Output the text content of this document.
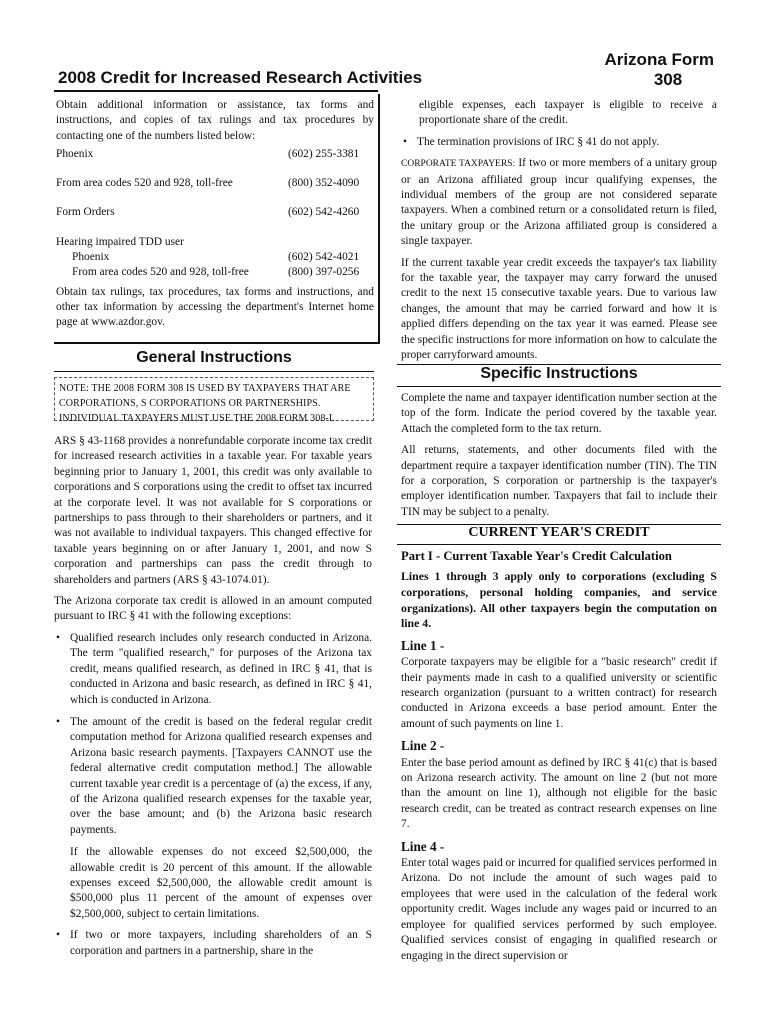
2008 Credit for Increased Research Activities
Arizona Form
308

Obtain additional information or assistance, tax forms and instructions, and copies of tax rulings and tax procedures by contacting one of the numbers listed below:

Phoenix	(602) 255-3381
From area codes 520 and 928, toll-free	(800) 352-4090
Form Orders	(602) 542-4260
Hearing impaired TDD user
Phoenix	(602) 542-4021
From area codes 520 and 928, toll-free	(800) 397-0256

Obtain tax rulings, tax procedures, tax forms and instructions, and other tax information by accessing the department's Internet home page at www.azdor.gov.

General Instructions
NOTE: THE 2008 FORM 308 IS USED BY TAXPAYERS THAT ARE CORPORATIONS, S CORPORATIONS OR PARTNERSHIPS. INDIVIDUAL TAXPAYERS MUST USE THE 2008 FORM 308-I.

ARS § 43-1168 provides a nonrefundable corporate income tax credit for increased research activities in a taxable year. For taxable years beginning prior to January 1, 2001, this credit was only available to corporations and S corporations using the credit to offset tax incurred at the corporate level. It was not available for S corporations or partnerships to pass through to their shareholders or partners, and it was not available to individual taxpayers. This changed effective for taxable years beginning on or after January 1, 2001, and now S corporation and partnerships can pass the credit through to shareholders and partners (ARS § 43-1074.01).

The Arizona corporate tax credit is allowed in an amount computed pursuant to IRC § 41 with the following exceptions:

• Qualified research includes only research conducted in Arizona. The term "qualified research," for purposes of the Arizona tax credit, means qualified research, as defined in IRC § 41, that is conducted in Arizona and basic research, as defined in IRC § 41, which is conducted in Arizona.
• The amount of the credit is based on the federal regular credit computation method for Arizona qualified research expenses and Arizona basic research payments. [Taxpayers CANNOT use the federal alternative credit computation method.] The allowable current taxable year credit is a percentage of (a) the excess, if any, of the Arizona qualified research expenses for the taxable year, over the base amount; and (b) the Arizona basic research payments.

If the allowable expenses do not exceed $2,500,000, the allowable credit is 20 percent of this amount. If the allowable expenses exceed $2,500,000, the allowable credit amount is $500,000 plus 11 percent of the amount of expenses over $2,500,000, subject to certain limitations.

• If two or more taxpayers, including shareholders of an S corporation and partners in a partnership, share in the

eligible expenses, each taxpayer is eligible to receive a proportionate share of the credit.

• The termination provisions of IRC § 41 do not apply.

CORPORATE TAXPAYERS: If two or more members of a unitary group or an Arizona affiliated group incur qualifying expenses, the individual members of the group are not considered separate taxpayers. When a combined return or a consolidated return is filed, the unitary group or the Arizona affiliated group is considered a single taxpayer.

If the current taxable year credit exceeds the taxpayer's tax liability for the taxable year, the taxpayer may carry forward the unused credit to the next 15 consecutive taxable years. Due to various law changes, the amount that may be carried forward and how it is applied differs depending on the tax year it was earned. Please see the specific instructions for more information on how to calculate the proper carryforward amounts.

Specific Instructions

Complete the name and taxpayer identification number section at the top of the form. Indicate the period covered by the taxable year. Attach the completed form to the tax return.

All returns, statements, and other documents filed with the department require a taxpayer identification number (TIN). The TIN for a corporation, S corporation or partnership is the taxpayer's employer identification number. Taxpayers that fail to include their TIN may be subject to a penalty.

CURRENT YEAR'S CREDIT
Part I - Current Taxable Year's Credit Calculation

Lines 1 through 3 apply only to corporations (excluding S corporations, personal holding companies, and service organizations). All other taxpayers begin the computation on line 4.

Line 1 -

Corporate taxpayers may be eligible for a "basic research" credit if their payments made in cash to a qualified university or scientific research organization (pursuant to a written contract) for research conducted in Arizona exceeds a base period amount. Enter the amount of such payments on line 1.

Line 2 -

Enter the base period amount as defined by IRC § 41(c) that is based on Arizona research activity. The amount on line 2 (but not more than the amount on line 1), although not eligible for the basic research credit, can be treated as contract research expenses on line 7.

Line 4 -

Enter total wages paid or incurred for qualified services performed in Arizona. Do not include the amount of such wages paid to employees that were used in the calculation of the federal work opportunity credit. Wages include any wages paid or incurred to an employee for qualified services performed by such employee. Qualified services consist of engaging in qualified research or engaging in the direct supervision or
